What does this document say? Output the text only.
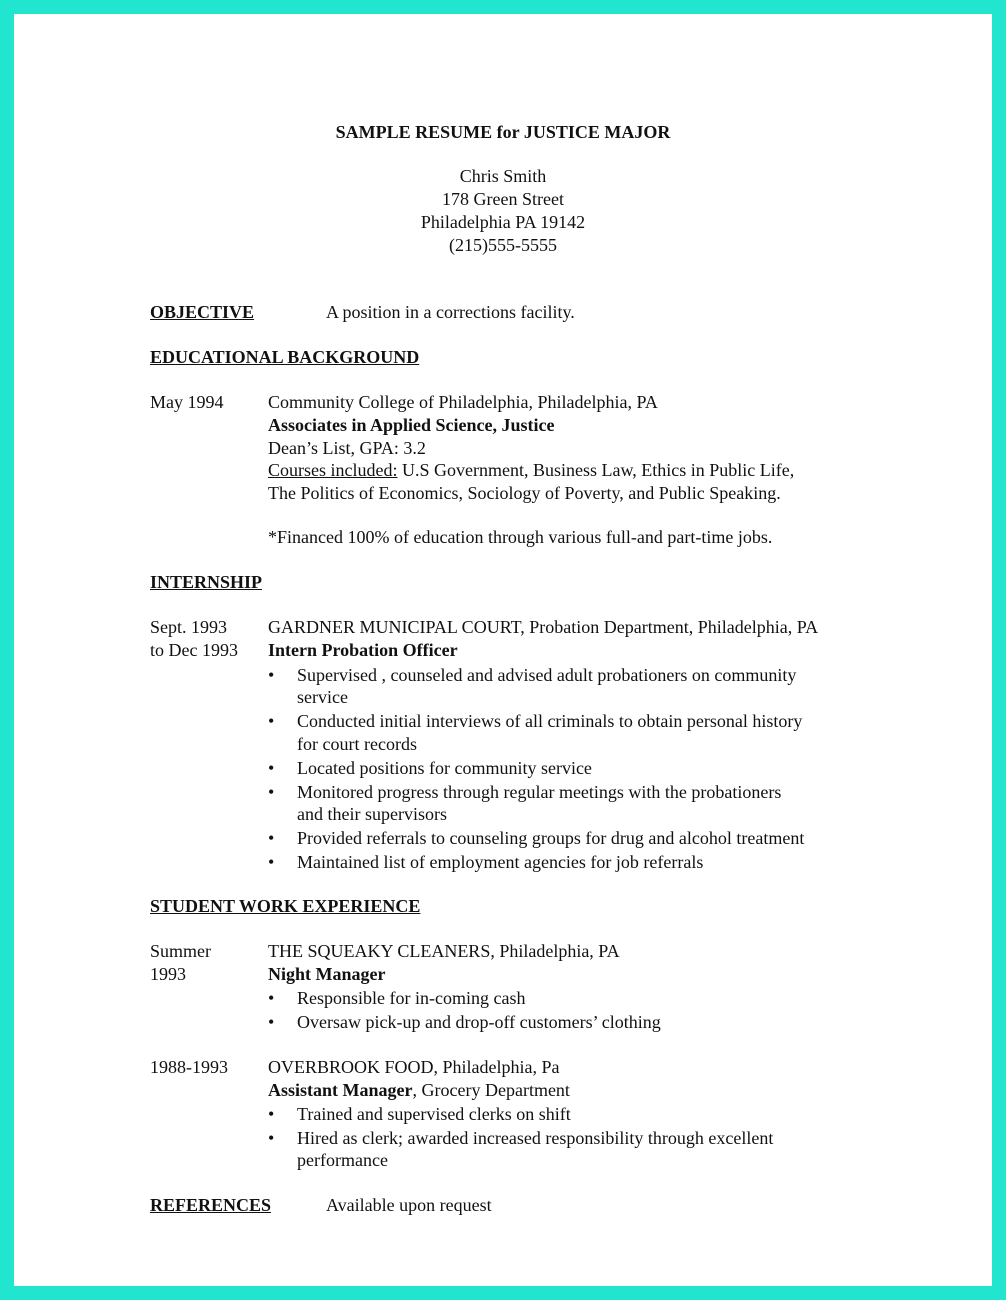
SAMPLE RESUME for JUSTICE MAJOR
Chris Smith
178 Green Street
Philadelphia PA 19142
(215)555-5555
OBJECTIVE	A position in a corrections facility.
EDUCATIONAL BACKGROUND
May 1994 Community College of Philadelphia, Philadelphia, PA
Associates in Applied Science, Justice
Dean’s List, GPA: 3.2
Courses included: U.S Government, Business Law, Ethics in Public Life,
The Politics of Economics, Sociology of Poverty, and Public Speaking.
*Financed 100% of education through various full-and part-time jobs.
INTERNSHIP
Sept. 1993
to Dec 1993
GARDNER MUNICIPAL COURT, Probation Department, Philadelphia, PA
Intern Probation Officer
• Supervised , counseled and advised adult probationers on community
service
• Conducted initial interviews of all criminals to obtain personal history
for court records
• Located positions for community service
• Monitored progress through regular meetings with the probationers
and their supervisors
• Provided referrals to counseling groups for drug and alcohol treatment
• Maintained list of employment agencies for job referrals
STUDENT WORK EXPERIENCE
Summer
1993
THE SQUEAKY CLEANERS, Philadelphia, PA
Night Manager
• Responsible for in-coming cash
• Oversaw pick-up and drop-off customers’ clothing
1988-1993 OVERBROOK FOOD, Philadelphia, Pa
Assistant Manager, Grocery Department
• Trained and supervised clerks on shift
• Hired as clerk; awarded increased responsibility through excellent
performance
REFERENCES	Available upon request
